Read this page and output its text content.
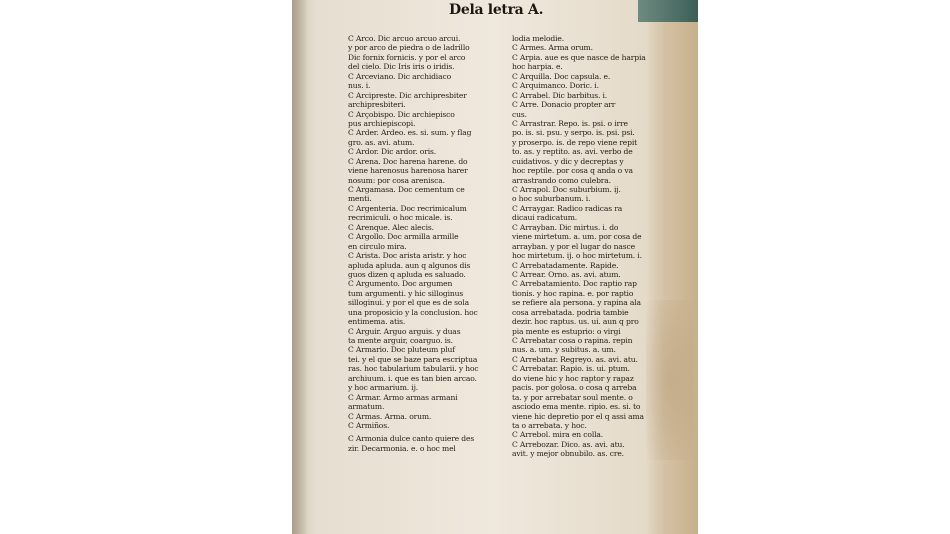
Dela letra A.
C Arco. Dic arcuo arcuo arcui.
y por arco de piedra o de ladrillo
Dic fornix fornicis. y por el arco
del cielo. Dic Iris iris o iridis.
C Arceviano. Dic archidiaco
nus. i.
C Arcipreste. Dic archipresbiter
archipresbiteri.
C Arçobispo. Dic archiepisco
pus archiepiscopi.
C Arder. Ardeo. es. si. sum. y flag
gro. as. avi. atum.
C Ardor. Dic ardor. oris.
C Arena. Doc harena harene. do
viene harenosus harenosa harer
nosum: por cosa arenisca.
C Argamasa. Doc cementum ce
menti.
C Argenteria. Doc recrimicalum
recrimiculi. o hoc micale. is.
C Arenque. Alec alecis.
C Argollo. Doc armilla armille
en circulo mira.
C Arista. Doc arista aristr. y hoc
apluda apluda. aun q algunos dis
guos dizen q apluda es saluado.
C Argumento. Doc argumen
tum argumenti. y hic silloginus
silloginui. y por el que es de sola
una proposicio y la conclusion. hoc
entimema. atis.
C Arguir. Arguo arguis. y duas
ta mente arguir, coarguo. is.
C Armario. Doc pluteum pluf
tei. y el que se baze para escriptua
ras. hoc tabularium tabularii. y hoc
archiuum. i. que es tan bien arcao.
y hoc armarium. ij.
C Armar. Armo armas armani
armatum.
C Armas. Arma. orum.
C Armiños.
C Armonia dulce canto quiere des
zir. Decarmonia. e. o hoc mel
lodia melodie.
C Armes. Arma orum.
C Arpia. aue es que nasce de harpia
hoc harpia. e.
C Arquilla. Doc capsula. e.
C Arquimanco. Doric. i.
C Arrabel. Dic barbitus. i.
C Arre. Donacio propter arr
cus.
C Arrastrar. Repo. is. psi. o irre
po. is. si. psu. y serpo. is. psi. psi.
y proserpo. is. de repo viene repit
to. as. y reptito. as. avi. verbo de
cuidativos. y dic y decreptas y
hoc reptile. por cosa q anda o va
arrastrando como culebra.
C Arrapol. Doc suburbium. ij.
o hoc suburbanum. i.
C Arraygar. Radico radicas ra
dicaui radicatum.
C Arrayban. Dic mirtus. i. do
viene mirtetum. a. um. por cosa de
arrayban. y por el lugar do nasce
hoc mirtetum. ij. o hoc mirtetum. i.
C Arrebatadamente. Rapide.
C Arrear. Orno. as. avi. atum.
C Arrebatamiento. Doc raptio rap
tionis. y hoc rapina. e. por raptio
se refiere ala persona. y rapina ala
cosa arrebatada. podria tambie
dezir. hoc raptus. us. ui. aun q pro
pia mente es estuprio: o virgi
C Arrebatar cosa o rapina. repin
nus. a. um. y subitus. a. um.
C Arrebatar. Regreyo. as. avi. atu.
C Arrebatar. Rapio. is. ui. ptum.
do viene hic y hoc raptor y rapaz
pacis. por golosa. o cosa q arreba
ta. y por arrebatar soul mente. o
asciodo ema mente. ripio. es. si. to
viene hic depretio por el q assi ama
ta o arrebata. y hoc.
C Arrebol. mira en colla.
C Arrebozar. Dico. as. avi. atu.
avit. y mejor obnubilo. as. cre.
